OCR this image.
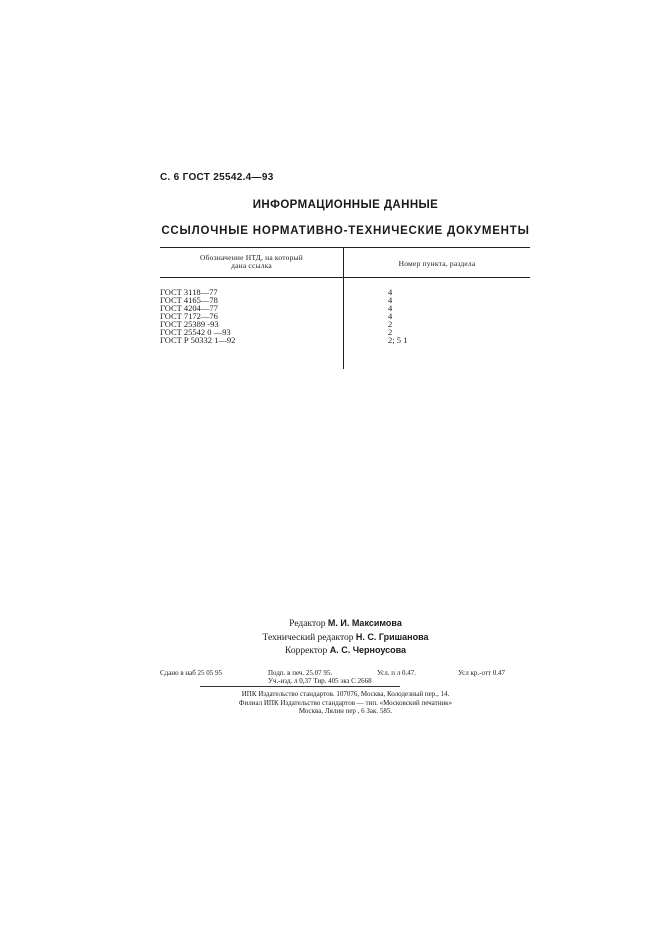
С. 6 ГОСТ 25542.4—93
ИНФОРМАЦИОННЫЕ ДАННЫЕ
ССЫЛОЧНЫЕ НОРМАТИВНО-ТЕХНИЧЕСКИЕ ДОКУМЕНТЫ
Обозначение НТД, на который
дана ссылка	Номер пункта, раздела
ГОСТ 3118—77	4
ГОСТ 4165—78	4
ГОСТ 4204—77	4
ГОСТ 7172—76	4
ГОСТ 25389 -93	2
ГОСТ 25542 0 —93	2
ГОСТ Р 50332 1—92	2; 5 1
Редактор М. И. Максимова
Технический редактор Н. С. Гришанова
Корректор А. С. Черноусова
Сдано в наб 25 05 95	Подп. в печ. 25.07 95.	Усл. п л 0.47.	Усл кр.-отт 0.47
Уч.-изд. л 0,37 Тир. 405 экз С 2668
ИПК Издательство стандартов. 107076, Москва, Колодезный пер., 14.
Филиал ИПК Издательство стандартов — тип. «Московский печатник»
Москва, Лялин пер , 6 Зак. 585.
